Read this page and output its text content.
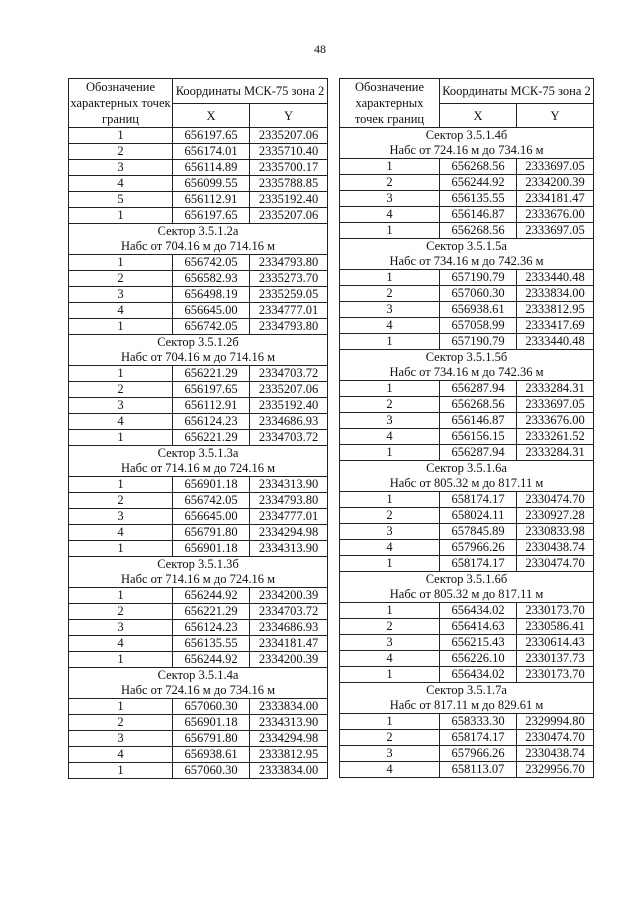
48
Обозначение характерных точек границ	Координаты МСК-75 зона 2	
	X	Y
1	656197.65	2335207.06
2	656174.01	2335710.40
3	656114.89	2335700.17
4	656099.55	2335788.85
5	656112.91	2335192.40
1	656197.65	2335207.06
Сектор 3.5.1.2а		
Набс от 704.16 м до 714.16 м		
1	656742.05	2334793.80
2	656582.93	2335273.70
3	656498.19	2335259.05
4	656645.00	2334777.01
1	656742.05	2334793.80
Сектор 3.5.1.2б		
Набс от 704.16 м до 714.16 м		
1	656221.29	2334703.72
2	656197.65	2335207.06
3	656112.91	2335192.40
4	656124.23	2334686.93
1	656221.29	2334703.72
Сектор 3.5.1.3а		
Набс от 714.16 м до 724.16 м		
1	656901.18	2334313.90
2	656742.05	2334793.80
3	656645.00	2334777.01
4	656791.80	2334294.98
1	656901.18	2334313.90
Сектор 3.5.1.3б		
Набс от 714.16 м до 724.16 м		
1	656244.92	2334200.39
2	656221.29	2334703.72
3	656124.23	2334686.93
4	656135.55	2334181.47
1	656244.92	2334200.39
Сектор 3.5.1.4а		
Набс от 724.16 м до 734.16 м		
1	657060.30	2333834.00
2	656901.18	2334313.90
3	656791.80	2334294.98
4	656938.61	2333812.95
1	657060.30	2333834.00
Обозначение характерных точек границ	Координаты МСК-75 зона 2	
	X	Y
Сектор 3.5.1.4б		
Набс от 724.16 м до 734.16 м		
1	656268.56	2333697.05
2	656244.92	2334200.39
3	656135.55	2334181.47
4	656146.87	2333676.00
1	656268.56	2333697.05
Сектор 3.5.1.5а		
Набс от 734.16 м до 742.36 м		
1	657190.79	2333440.48
2	657060.30	2333834.00
3	656938.61	2333812.95
4	657058.99	2333417.69
1	657190.79	2333440.48
Сектор 3.5.1.5б		
Набс от 734.16 м до 742.36 м		
1	656287.94	2333284.31
2	656268.56	2333697.05
3	656146.87	2333676.00
4	656156.15	2333261.52
1	656287.94	2333284.31
Сектор 3.5.1.6а		
Набс от 805.32 м до 817.11 м		
1	658174.17	2330474.70
2	658024.11	2330927.28
3	657845.89	2330833.98
4	657966.26	2330438.74
1	658174.17	2330474.70
Сектор 3.5.1.6б		
Набс от 805.32 м до 817.11 м		
1	656434.02	2330173.70
2	656414.63	2330586.41
3	656215.43	2330614.43
4	656226.10	2330137.73
1	656434.02	2330173.70
Сектор 3.5.1.7а		
Набс от 817.11 м до 829.61 м		
1	658333.30	2329994.80
2	658174.17	2330474.70
3	657966.26	2330438.74
4	658113.07	2329956.70
